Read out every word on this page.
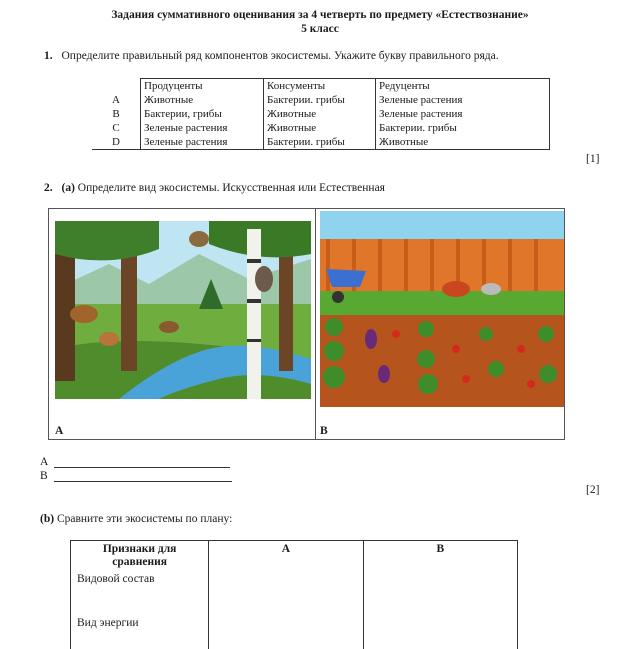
Задания суммативного оценивания за 4 четверть по предмету «Естествознание»
5 класс
1. Определите правильный ряд компонентов экосистемы. Укажите букву правильного ряда.
	Продуценты	Консументы	Редуценты
A	Животные	Бактерии. грибы	Зеленые растения
B	Бактерии, грибы	Животные	Зеленые растения
C	Зеленые растения	Животные	Бактерии. грибы
D	Зеленые растения	Бактерии. грибы	Животные
[1]
2. (a) Определите вид экосистемы. Искусственная или Естественная
A	B
A
B
[2]
(b) Сравните эти экосистемы по плану:
Признаки для сравнения	A	B
Видовой состав		
Вид энергии		
